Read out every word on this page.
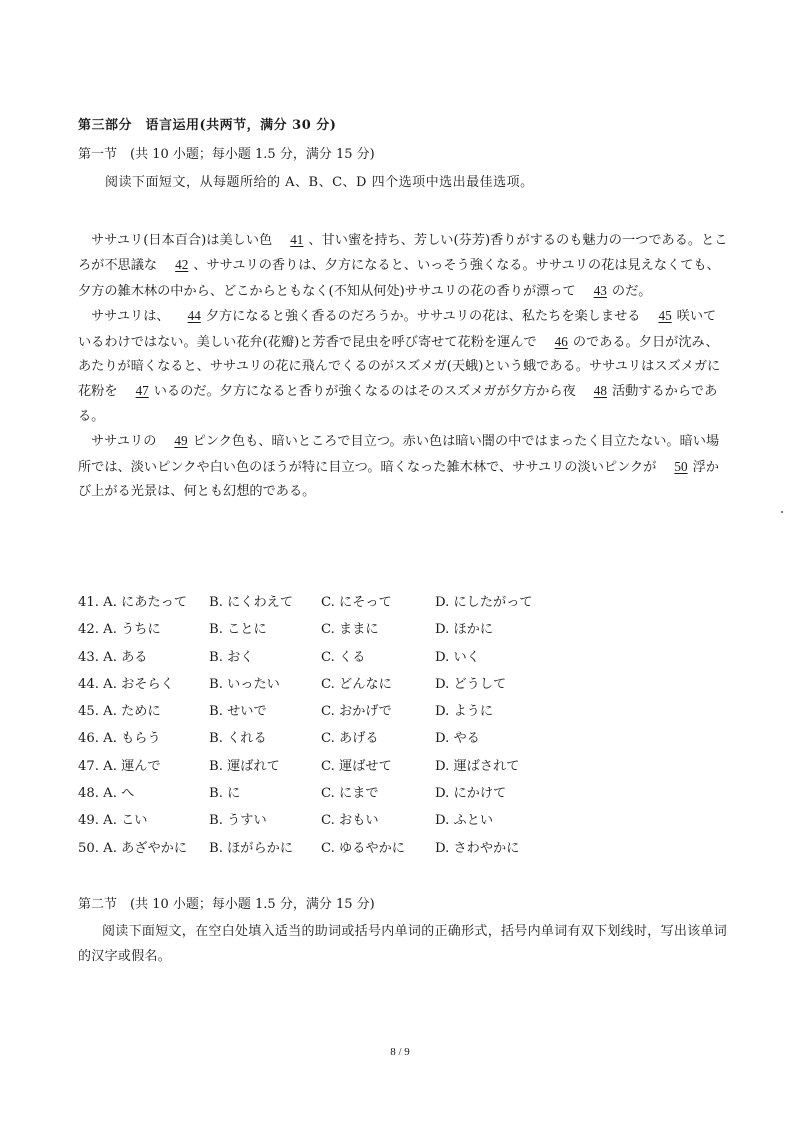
第三部分　语言运用(共两节，满分 30 分)
第一节　(共 10 小题；每小题 1.5 分，满分 15 分)
阅读下面短文，从每题所给的 A、B、C、D 四个选项中选出最佳选项。

ササユリ(日本百合)は美しい色 41 、甘い蜜を持ち、芳しい(芬芳)香りがするのも魅力の一つである。ところが不思議な 42 、ササユリの香りは、夕方になると、いっそう強くなる。ササユリの花は見えなくても、夕方の雑木林の中から、どこからともなく(不知从何处)ササユリの花の香りが漂って 43 のだ。

ササユリは、 44 夕方になると強く香るのだろうか。ササユリの花は、私たちを楽しませる 45 咲いているわけではない。美しい花弁(花瓣)と芳香で昆虫を呼び寄せて花粉を運んで 46 のである。夕日が沈み、あたりが暗くなると、ササユリの花に飛んでくるのがスズメガ(天蛾)という蛾である。ササユリはスズメガに花粉を 47 いるのだ。夕方になると香りが強くなるのはそのスズメガが夕方から夜 48 活動するからである。

ササユリの 49 ピンク色も、暗いところで目立つ。赤い色は暗い闇の中ではまったく目立たない。暗い場所では、淡いピンクや白い色のほうが特に目立つ。暗くなった雑木林で、ササユリの淡いピンクが 50 浮かび上がる光景は、何とも幻想的である。

41. A. にあたって B. にくわえて C. にそって	D. にしたがって
42. A. うちに	B. ことに	C. ままに	D. ほかに
43. A. ある	B. おく	C. くる	D. いく
44. A. おそらく	B. いったい	C. どんなに	D. どうして
45. A. ために	B. せいで	C. おかげで	D. ように
46. A. もらう	B. くれる	C. あげる	D. やる
47. A. 運んで	B. 運ばれて	C. 運ばせて	D. 運ばされて
48. A. へ	B. に	C. にまで	D. にかけて
49. A. こい	B. うすい	C. おもい	D. ふとい
50. A. あざやかに B. ほがらかに C. ゆるやかに D. さわやかに
第二节　(共 10 小题；每小题 1.5 分，满分 15 分)
阅读下面短文，在空白处填入适当的助词或括号内单词的正确形式，括号内单词有双下划线时，写出该单词的汉字或假名。
8 / 9
